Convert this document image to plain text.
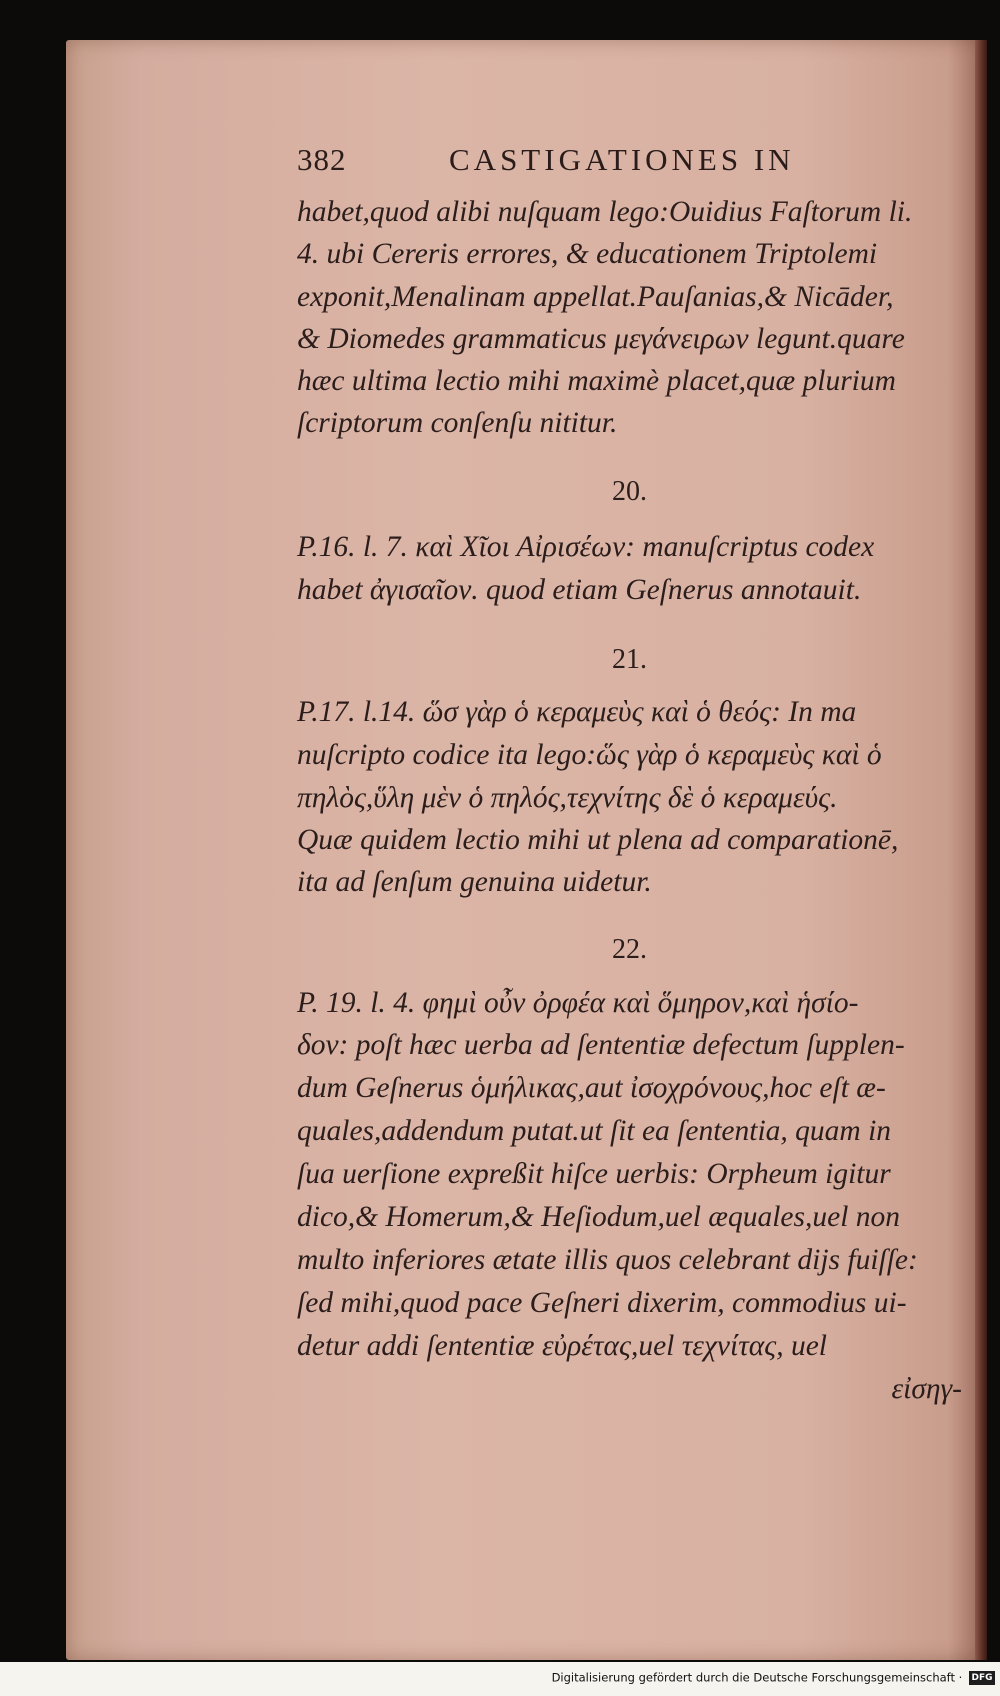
382	CASTIGATIONES IN
habet,quod alibi nuſquam lego:Ouidius Faſtorum li.
4. ubi Cereris errores, & educationem Triptolemi
exponit,Menalinam appellat.Pauſanias,& Nicāder,
& Diomedes grammaticus μεγάνειρων legunt.quare
hæc ultima lectio mihi maximè placet,quæ plurium
ſcriptorum conſenſu nititur.
20.
P.16. l. 7. καὶ Χῖοι Αἰρισέων: manuſcriptus codex
habet ἀγισαῖον. quod etiam Geſnerus annotauit.
21.
P.17. l.14. ὥσ γὰρ ὁ κεραμεὺς καὶ ὁ θεός: In ma
nuſcripto codice ita lego:ὥς γὰρ ὁ κεραμεὺς καὶ ὁ
πηλὸς,ὕλη μὲν ὁ πηλός,τεχνίτης δὲ ὁ κεραμεύς.
Quæ quidem lectio mihi ut plena ad comparationē,
ita ad ſenſum genuina uidetur.
22.
P. 19. l. 4. φημὶ οὖν ὀρφέα καὶ ὅμηρον,καὶ ἡσίο-
δον: poſt hæc uerba ad ſententiæ defectum ſupplen-
dum Geſnerus ὁμήλικας,aut ἰσοχρόνους,hoc eſt æ-
quales,addendum putat.ut ſit ea ſententia, quam in
ſua uerſione expreßit hiſce uerbis: Orpheum igitur
dico,& Homerum,& Heſiodum,uel æquales,uel non
multo inferiores ætate illis quos celebrant dijs fuiſſe:
ſed mihi,quod pace Geſneri dixerim, commodius ui-
detur addi ſententiæ εὐρέτας,uel τεχνίτας, uel
εἰσηγ-
Digitalisierung gefördert durch die Deutsche Forschungsgemeinschaft · DFG
